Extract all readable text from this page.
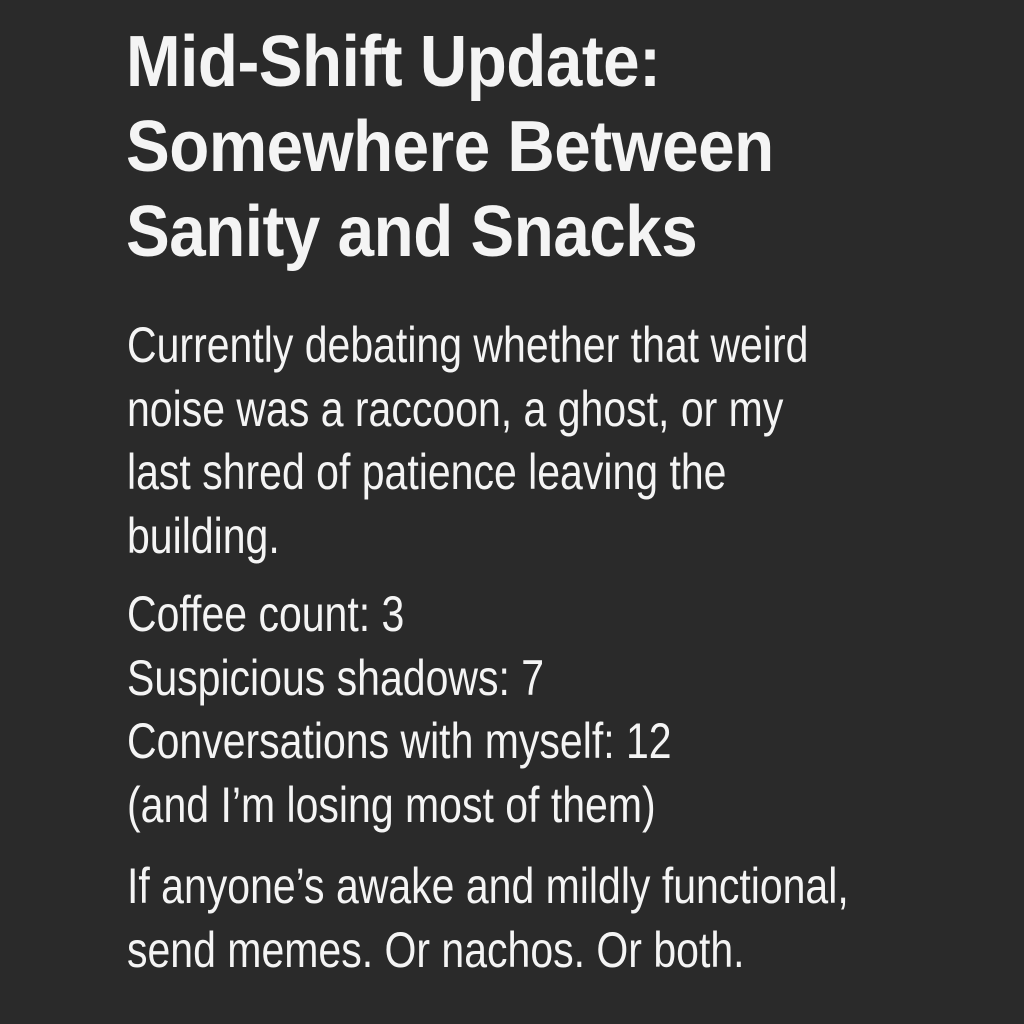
Mid-Shift Update:
Somewhere Between
Sanity and Snacks

Currently debating whether that weird
noise was a raccoon, a ghost, or my
last shred of patience leaving the
building.

Coffee count: 3
Suspicious shadows: 7
Conversations with myself: 12
(and I’m losing most of them)

If anyone’s awake and mildly functional,
send memes. Or nachos. Or both.
